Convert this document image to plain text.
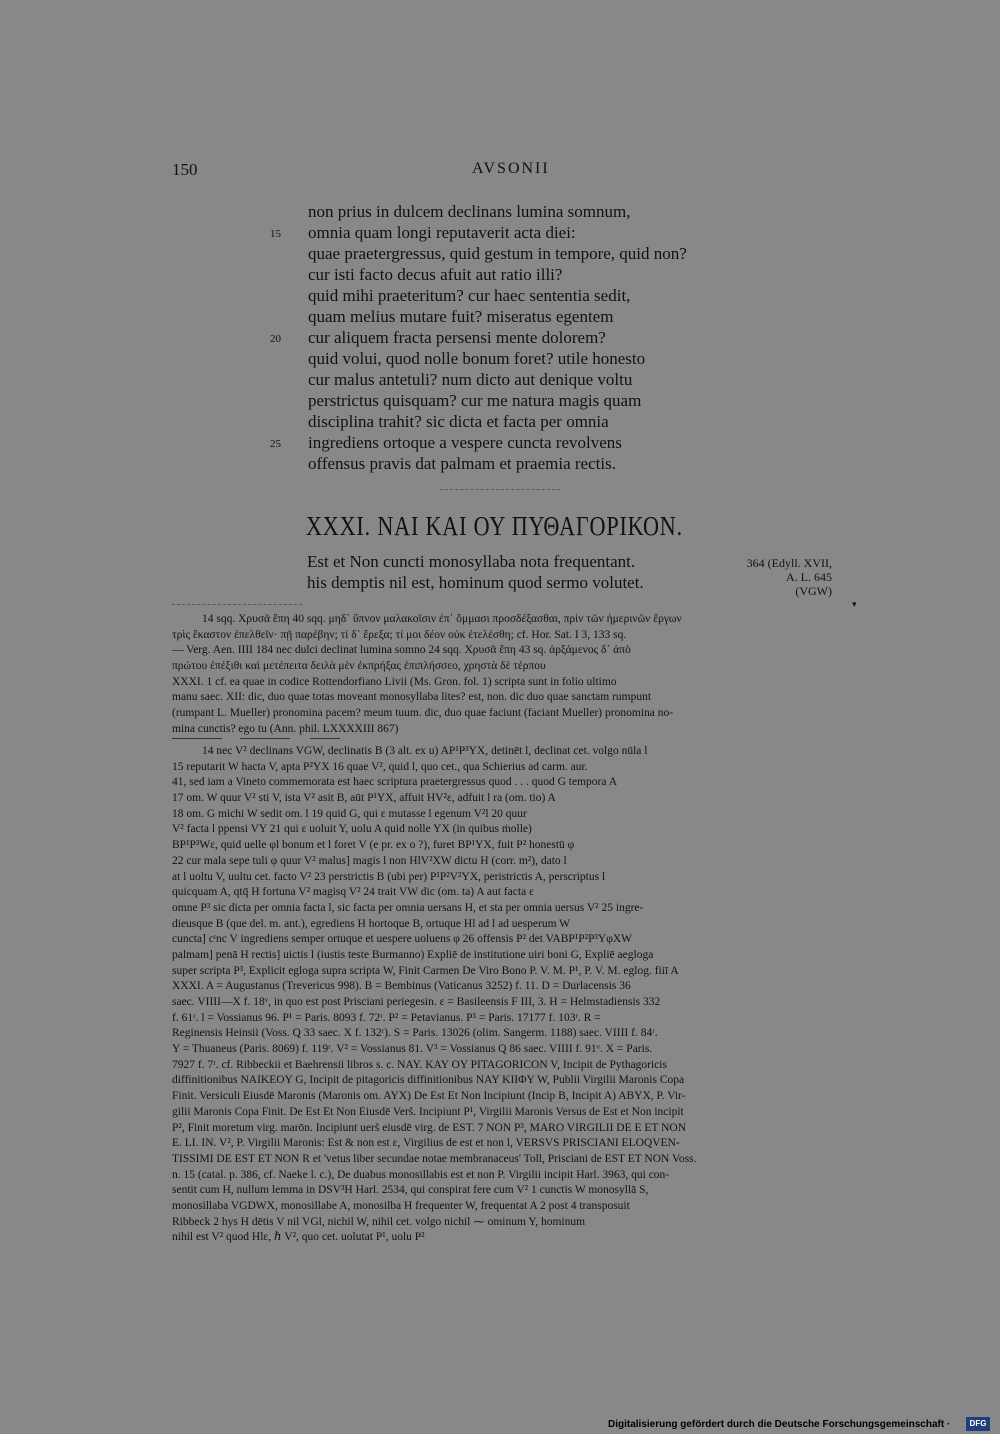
150	AVSONII
non prius in dulcem declinans lumina somnum,
15	omnia quam longi reputaverit acta diei:
quae praetergressus, quid gestum in tempore, quid non?
cur isti facto decus afuit aut ratio illi?
quid mihi praeteritum? cur haec sententia sedit,
quam melius mutare fuit? miseratus egentem
20	cur aliquem fracta persensi mente dolorem?
quid volui, quod nolle bonum foret? utile honesto
cur malus antetuli? num dicto aut denique voltu
perstrictus quisquam? cur me natura magis quam
disciplina trahit? sic dicta et facta per omnia
25	ingrediens ortoque a vespere cuncta revolvens
offensus pravis dat palmam et praemia rectis.
XXXI. ΝΑΙ ΚΑΙ ΟΥ ΠΥΘΑΓΟΡΙΚΟΝ.
Est et Non cuncti monosyllaba nota frequentant.
his demptis nil est, hominum quod sermo volutet.
364 (Edyll. XVII,
A. L. 645
(VGW)
▾
14 sqq. Χρυσᾶ ἔπη 40 sqq. μηδ᾽ ὕπνον μαλακοῖσιν ἐπ᾽ ὄμμασι προσδέξασθαι, πρὶν τῶν ἡμερινῶν ἔργων
τρὶς ἕκαστον ἐπελθεῖν· πῇ παρέβην; τί δ᾽ ἔρεξα; τί μοι δέον οὐκ ἐτελέσθη; cf. Hor. Sat. I 3, 133 sq.
— Verg. Aen. IIII 184 nec dulci declinat lumina somno 24 sqq. Χρυσᾶ ἔπη 43 sq. ἀρξάμενος δ᾽ ἀπὸ
πρώτου ἐπέξιθι καὶ μετέπειτα δειλὰ μὲν ἐκπρήξας ἐπιπλήσσεο, χρηστὰ δὲ τέρπου
XXXI. 1 cf. ea quae in codice Rottendorfiano Livii (Ms. Gron. fol. 1) scripta sunt in folio ultimo
manu saec. XII: dic, duo quae totas moveant monosyllaba lites? est, non. dic duo quae sanctam rumpunt
(rumpant L. Mueller) pronomina pacem? meum tuum. dic, duo quae faciunt (faciant Mueller) pronomina no-
mina cunctis? ego tu (Ann. phil. LXXXXIII 867)
14 nec V² declinans VGW, declinatis B (3 alt. ex u) AP¹P³YX, detinēt l, declinat cet. volgo nūla l
15 reputarit W hacta V, apta P²YX 16 quae V², quid l, quo cet., qua Schierius ad carm. aur.
41, sed iam a Vineto commemorata est haec scriptura praetergressus quod . . . quod G tempora A
17 om. W quur V² sti V, ista V² asit B, aūt P¹YX, affuit HV²ε, adfuit l ra (om. tio) A
18 om. G michi W sedit om. l 19 quid G, qui ε mutasse l egenum V²l 20 quur
V² facta l ppensi VY 21 qui ε uoluit Y, uolu A quid nolle YX (in quibus ṁolle)
BP¹P³Wε, quid uelle φl bonum et l foret V (e pr. ex o ?), furet BP¹YX, fuit P² honestū φ
22 cur mala sepe tuli φ quur V² malus] magis l non HlV²XW dictu H (corr. m²), dato l
at l uoltu V, uultu cet. facto V² 23 perstrictis B (ubi per) P¹P²V²YX, peristrictis A, perscriptus l
quicquam A, qtq̄ H fortuna V² magisq V² 24 trait VW dic (om. ta) A aut facta ε
omne P³ sic dicta per omnia facta l, sic facta per omnia uersans H, et sta per omnia uersus V² 25 ingre-
dieusque B (que del. m. ant.), egrediens H hortoque B, ortuque Hl ad l ad uesperum W
cuncta] cᵗnc V ingrediens semper ortuque et uespere uoluens φ 26 offensis P² det VABP¹P²P³YφXW
palmam] penā H rectis] uictis l (iustis teste Burmanno) Expliē de institutione uiri boni G, Expliē aegloga
super scripta P³, Explicit egloga supra scripta W, Finit Carmen De Viro Bono P. V. M. P¹, P. V. M. eglog. fiiī A
XXXI. A = Augustanus (Trevericus 998). B = Bembinus (Vaticanus 3252) f. 11. D = Durlacensis 36
saec. VIIII—X f. 18ᵛ, in quo est post Prisciani periegesin. ε = Basileensis F III, 3. H = Helmstadiensis 332
f. 61ʳ. l = Vossianus 96. P¹ = Paris. 8093 f. 72ʳ. P² = Petavianus. P³ = Paris. 17177 f. 103ʳ. R =
Reginensis Heinsii (Voss. Q 33 saec. X f. 132ʳ). S = Paris. 13026 (olim. Sangerm. 1188) saec. VIIII f. 84ʳ.
Y = Thuaneus (Paris. 8069) f. 119ʳ. V² = Vossianus 81. V³ = Vossianus Q 86 saec. VIIII f. 91ᵛ. X = Paris.
7927 f. 7ʳ. cf. Ribbeckii et Baehrensii libros s. c. NAY. KAY OY PITAGORICON V, Incipit de Pythagoricis
diffinitionibus NAIKEOY G, Incipit de pitagoricis diffinitionibus NAY KIIΦY W, Publii Virgilii Maronis Copa
Finit. Versiculi Eiusdē Maronis (Maronis om. AYX) De Est Et Non Incipiunt (Incip B, Incipit A) ABYX, P. Vir-
gilii Maronis Copa Finit. De Est Et Non Eiusdē Verš. Incipiunt P¹, Virgilii Maronis Versus de Est et Non incipit
P², Finit moretum virg. marōn. Incipiunt uerš eiusdē virg. de EST. 7 NON P³, MARO VIRGILII DE E ET NON
E. LI. IN. V², P. Virgilii Maronis: Est & non est ε, Virgilius de est et non l, VERSVS PRISCIANI ELOQVEN-
TISSIMI DE EST ET NON R et 'vetus liber secundae notae membranaceus' Toll, Prisciani de EST ET NON Voss.
n. 15 (catal. p. 386, cf. Naeke l. c.), De duabus monosillabis est et non P. Virgilii incipit Harl. 3963, qui con-
sentit cum H, nullum lemma in DSV³H Harl. 2534, qui conspirat fere cum V² 1 cunctis W monosyllā S,
monosillaba VGDWX, monosillabe A, monosilba H frequenter W, frequentat A 2 post 4 transposuit
Ribbeck 2 hys H dētis V nil VGl, nichil W, nihil cet. volgo nichil ⁓ ominum Y, hominum
nihil est V² quod Hlε, ℏ V², quo cet. uolutat P¹, uolu P²
Digitalisierung gefördert durch die Deutsche Forschungsgemeinschaft ·	DFG
